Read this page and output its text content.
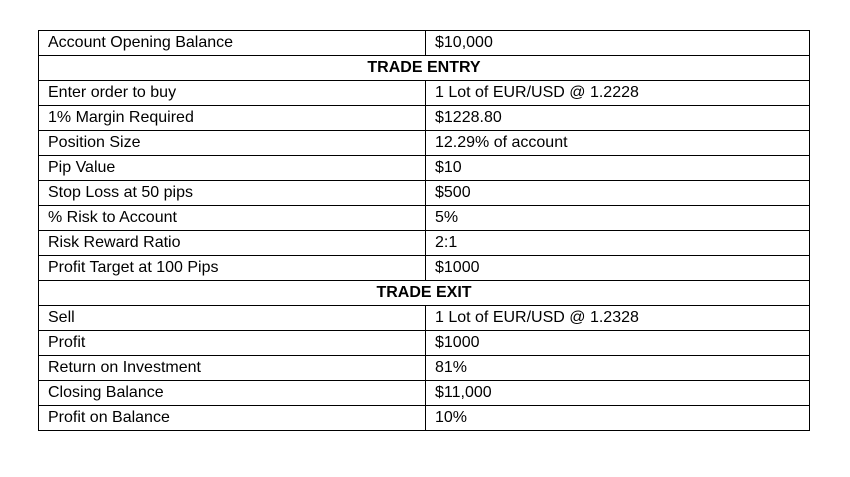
Account Opening Balance	$10,000
TRADE ENTRY	
Enter order to buy	1 Lot of EUR/USD @ 1.2228
1% Margin Required	$1228.80
Position Size	12.29% of account
Pip Value	$10
Stop Loss at 50 pips	$500
% Risk to Account	5%
Risk Reward Ratio	2:1
Profit Target at 100 Pips	$1000
TRADE EXIT	
Sell	1 Lot of EUR/USD @ 1.2328
Profit	$1000
Return on Investment	81%
Closing Balance	$11,000
Profit on Balance	10%
